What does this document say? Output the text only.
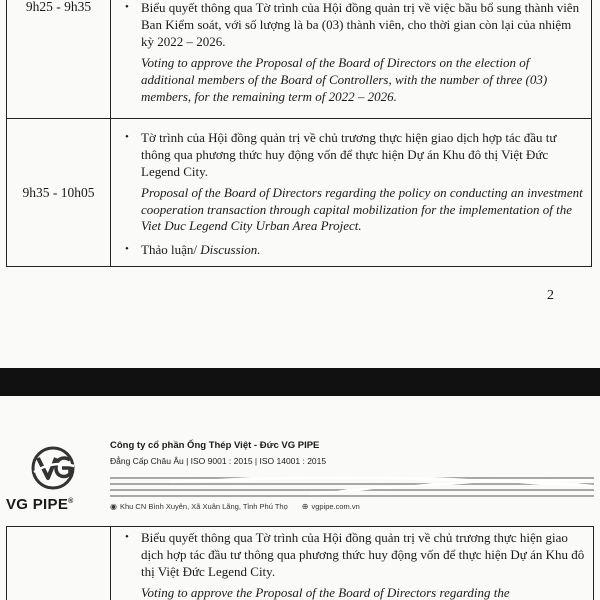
9h25 - 9h35	• Biểu quyết thông qua Tờ trình của Hội đồng quản trị về việc bầu bổ sung thành viên Ban Kiểm soát, với số lượng là ba (03) thành viên, cho thời gian còn lại của nhiệm kỳ 2022 – 2026.
Voting to approve the Proposal of the Board of Directors on the election of additional members of the Board of Controllers, with the number of three (03) members, for the remaining term of 2022 – 2026.

9h35 - 10h05	• Tờ trình của Hội đồng quản trị về chủ trương thực hiện giao dịch hợp tác đầu tư thông qua phương thức huy động vốn để thực hiện Dự án Khu đô thị Việt Đức Legend City.
Proposal of the Board of Directors regarding the policy on conducting an investment cooperation transaction through capital mobilization for the implementation of the Viet Duc Legend City Urban Area Project.
• Thảo luận/ Discussion.
2
VG PIPE®
Công ty cổ phần Ống Thép Việt - Đức VG PIPE
Đẳng Cấp Châu Âu | ISO 9001 : 2015 | ISO 14001 : 2015
◉ Khu CN Bình Xuyên, Xã Xuân Lãng, Tỉnh Phú Thọ ⊕ vgpipe.com.vn

• Biểu quyết thông qua Tờ trình của Hội đồng quản trị về chủ trương thực hiện giao dịch hợp tác đầu tư thông qua phương thức huy động vốn để thực hiện Dự án Khu đô thị Việt Đức Legend City.
Voting to approve the Proposal of the Board of Directors regarding the
